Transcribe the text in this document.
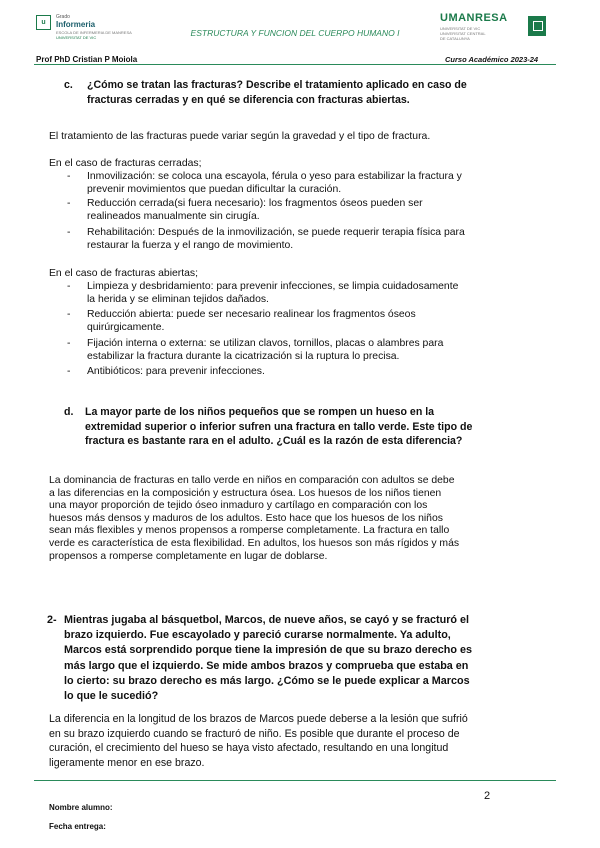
u
Grado
Informeria
ESCOLA DE INFERMERIA DE MANRESA
UNIVERSITAT DE VIC	ESTRUCTURA Y FUNCION DEL CUERPO HUMANO I
UMANRESA
UNIVERSITAT DE VIC
UNIVERSITAT CENTRAL
DE CATALUNYA
Prof PhD Cristian P Moiola	Curso Académico 2023-24
c. ¿Cómo se tratan las fracturas? Describe el tratamiento aplicado en caso de
fracturas cerradas y en qué se diferencia con fracturas abiertas.
El tratamiento de las fracturas puede variar según la gravedad y el tipo de fractura.
En el caso de fracturas cerradas;
- Inmovilización: se coloca una escayola, férula o yeso para estabilizar la fractura y
prevenir movimientos que puedan dificultar la curación.
- Reducción cerrada(si fuera necesario): los fragmentos óseos pueden ser
realineados manualmente sin cirugía.
- Rehabilitación: Después de la inmovilización, se puede requerir terapia física para
restaurar la fuerza y el rango de movimiento.
En el caso de fracturas abiertas;
- Limpieza y desbridamiento: para prevenir infecciones, se limpia cuidadosamente
la herida y se eliminan tejidos dañados.
- Reducción abierta: puede ser necesario realinear los fragmentos óseos
quirúrgicamente.
- Fijación interna o externa: se utilizan clavos, tornillos, placas o alambres para
estabilizar la fractura durante la cicatrización si la ruptura lo precisa.
- Antibióticos: para prevenir infecciones.
d. La mayor parte de los niños pequeños que se rompen un hueso en la
extremidad superior o inferior sufren una fractura en tallo verde. Este tipo de
fractura es bastante rara en el adulto. ¿Cuál es la razón de esta diferencia?
La dominancia de fracturas en tallo verde en niños en comparación con adultos se debe
a las diferencias en la composición y estructura ósea. Los huesos de los niños tienen
una mayor proporción de tejido óseo inmaduro y cartílago en comparación con los
huesos más densos y maduros de los adultos. Esto hace que los huesos de los niños
sean más flexibles y menos propensos a romperse completamente. La fractura en tallo
verde es característica de esta flexibilidad. En adultos, los huesos son más rígidos y más
propensos a romperse completamente en lugar de doblarse.
2- Mientras jugaba al básquetbol, Marcos, de nueve años, se cayó y se fracturó el
brazo izquierdo. Fue escayolado y pareció curarse normalmente. Ya adulto,
Marcos está sorprendido porque tiene la impresión de que su brazo derecho es
más largo que el izquierdo. Se mide ambos brazos y comprueba que estaba en
lo cierto: su brazo derecho es más largo. ¿Cómo se le puede explicar a Marcos
lo que le sucedió?
La diferencia en la longitud de los brazos de Marcos puede deberse a la lesión que sufrió
en su brazo izquierdo cuando se fracturó de niño. Es posible que durante el proceso de
curación, el crecimiento del hueso se haya visto afectado, resultando en una longitud
ligeramente menor en ese brazo.
2
Nombre alumno:
Fecha entrega:
